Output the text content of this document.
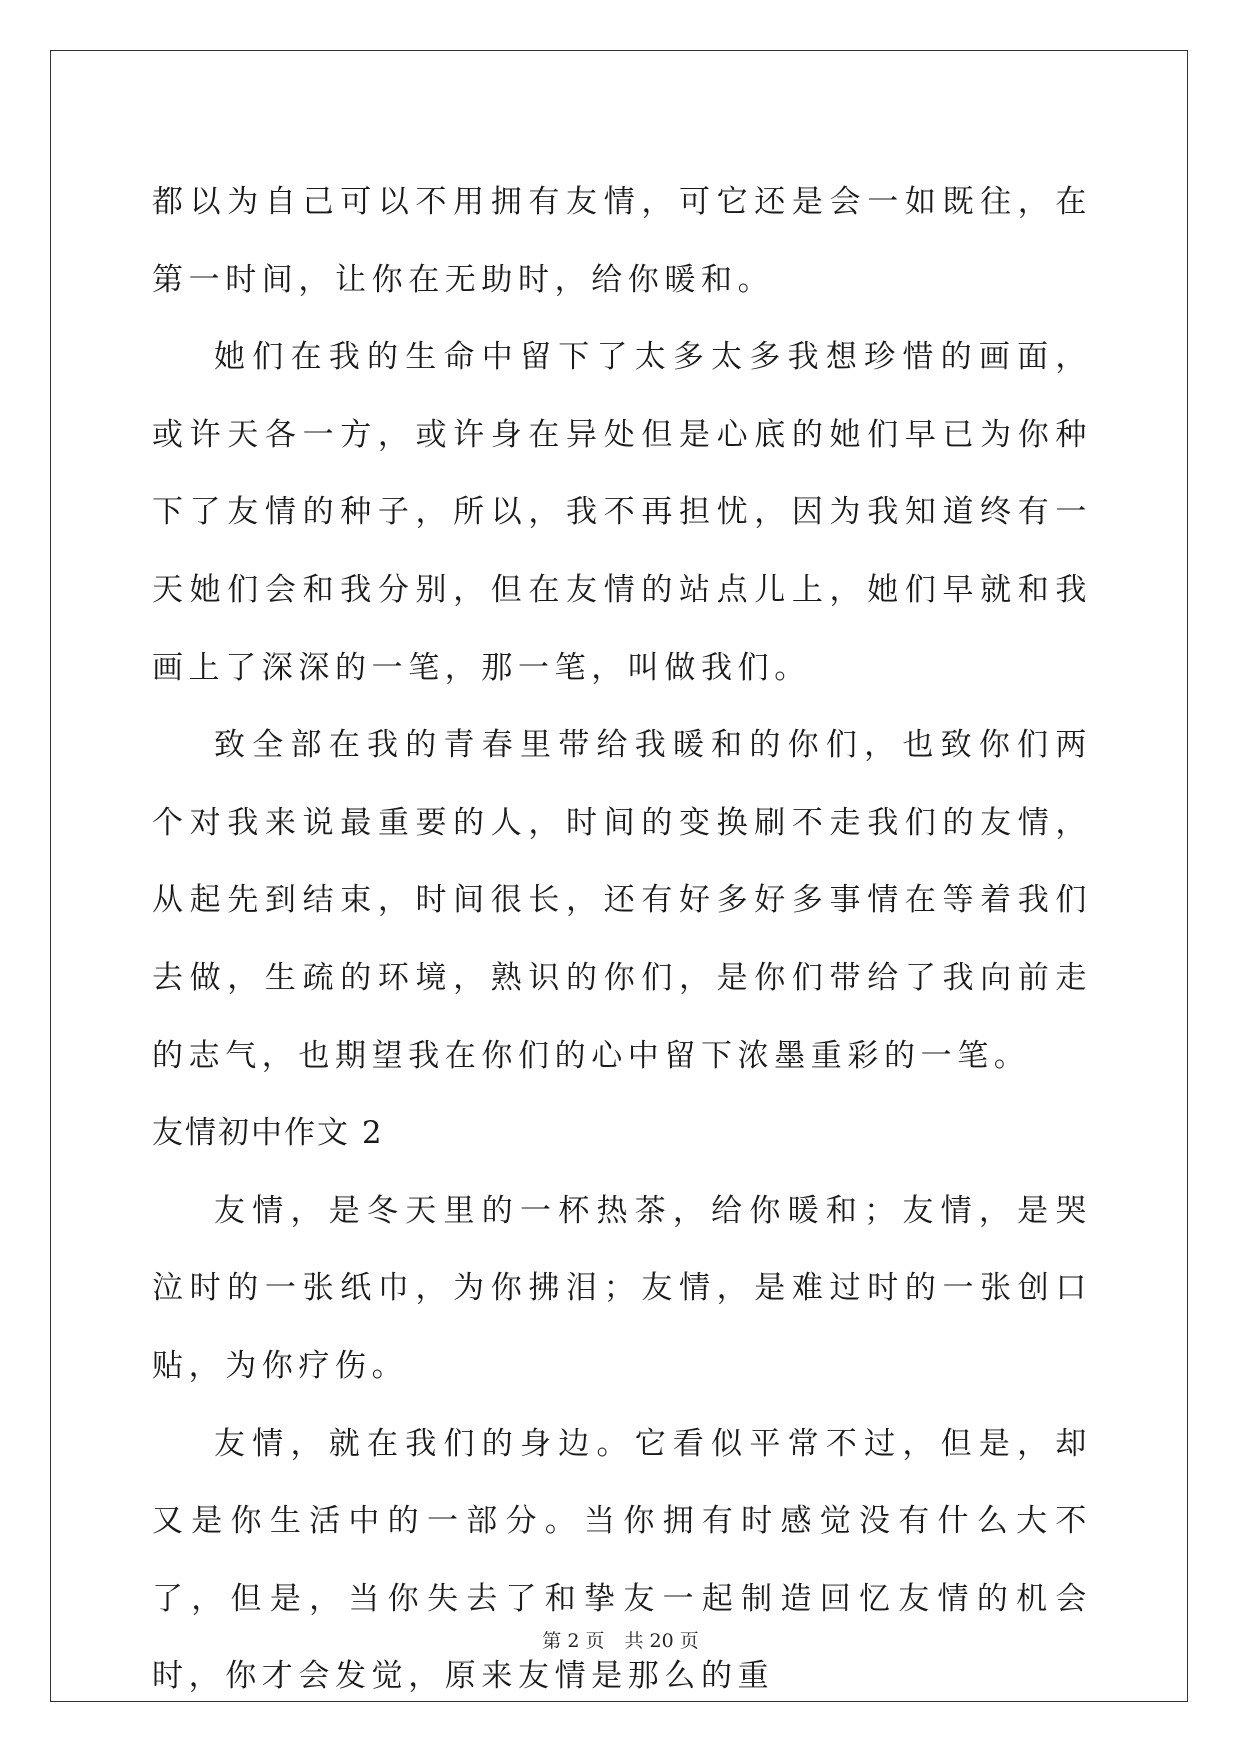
都以为自己可以不用拥有友情，可它还是会一如既往，在第一时间，让你在无助时，给你暖和。

她们在我的生命中留下了太多太多我想珍惜的画面，或许天各一方，或许身在异处但是心底的她们早已为你种下了友情的种子，所以，我不再担忧，因为我知道终有一天她们会和我分别，但在友情的站点儿上，她们早就和我画上了深深的一笔，那一笔，叫做我们。

致全部在我的青春里带给我暖和的你们，也致你们两个对我来说最重要的人，时间的变换刷不走我们的友情，从起先到结束，时间很长，还有好多好多事情在等着我们去做，生疏的环境，熟识的你们，是你们带给了我向前走的志气，也期望我在你们的心中留下浓墨重彩的一笔。

友情初中作文 2

友情，是冬天里的一杯热茶，给你暖和；友情，是哭泣时的一张纸巾，为你拂泪；友情，是难过时的一张创口贴，为你疗伤。

友情，就在我们的身边。它看似平常不过，但是，却又是你生活中的一部分。当你拥有时感觉没有什么大不了，但是，当你失去了和挚友一起制造回忆友情的机会时，你才会发觉，原来友情是那么的重

第 2 页 共 20 页
